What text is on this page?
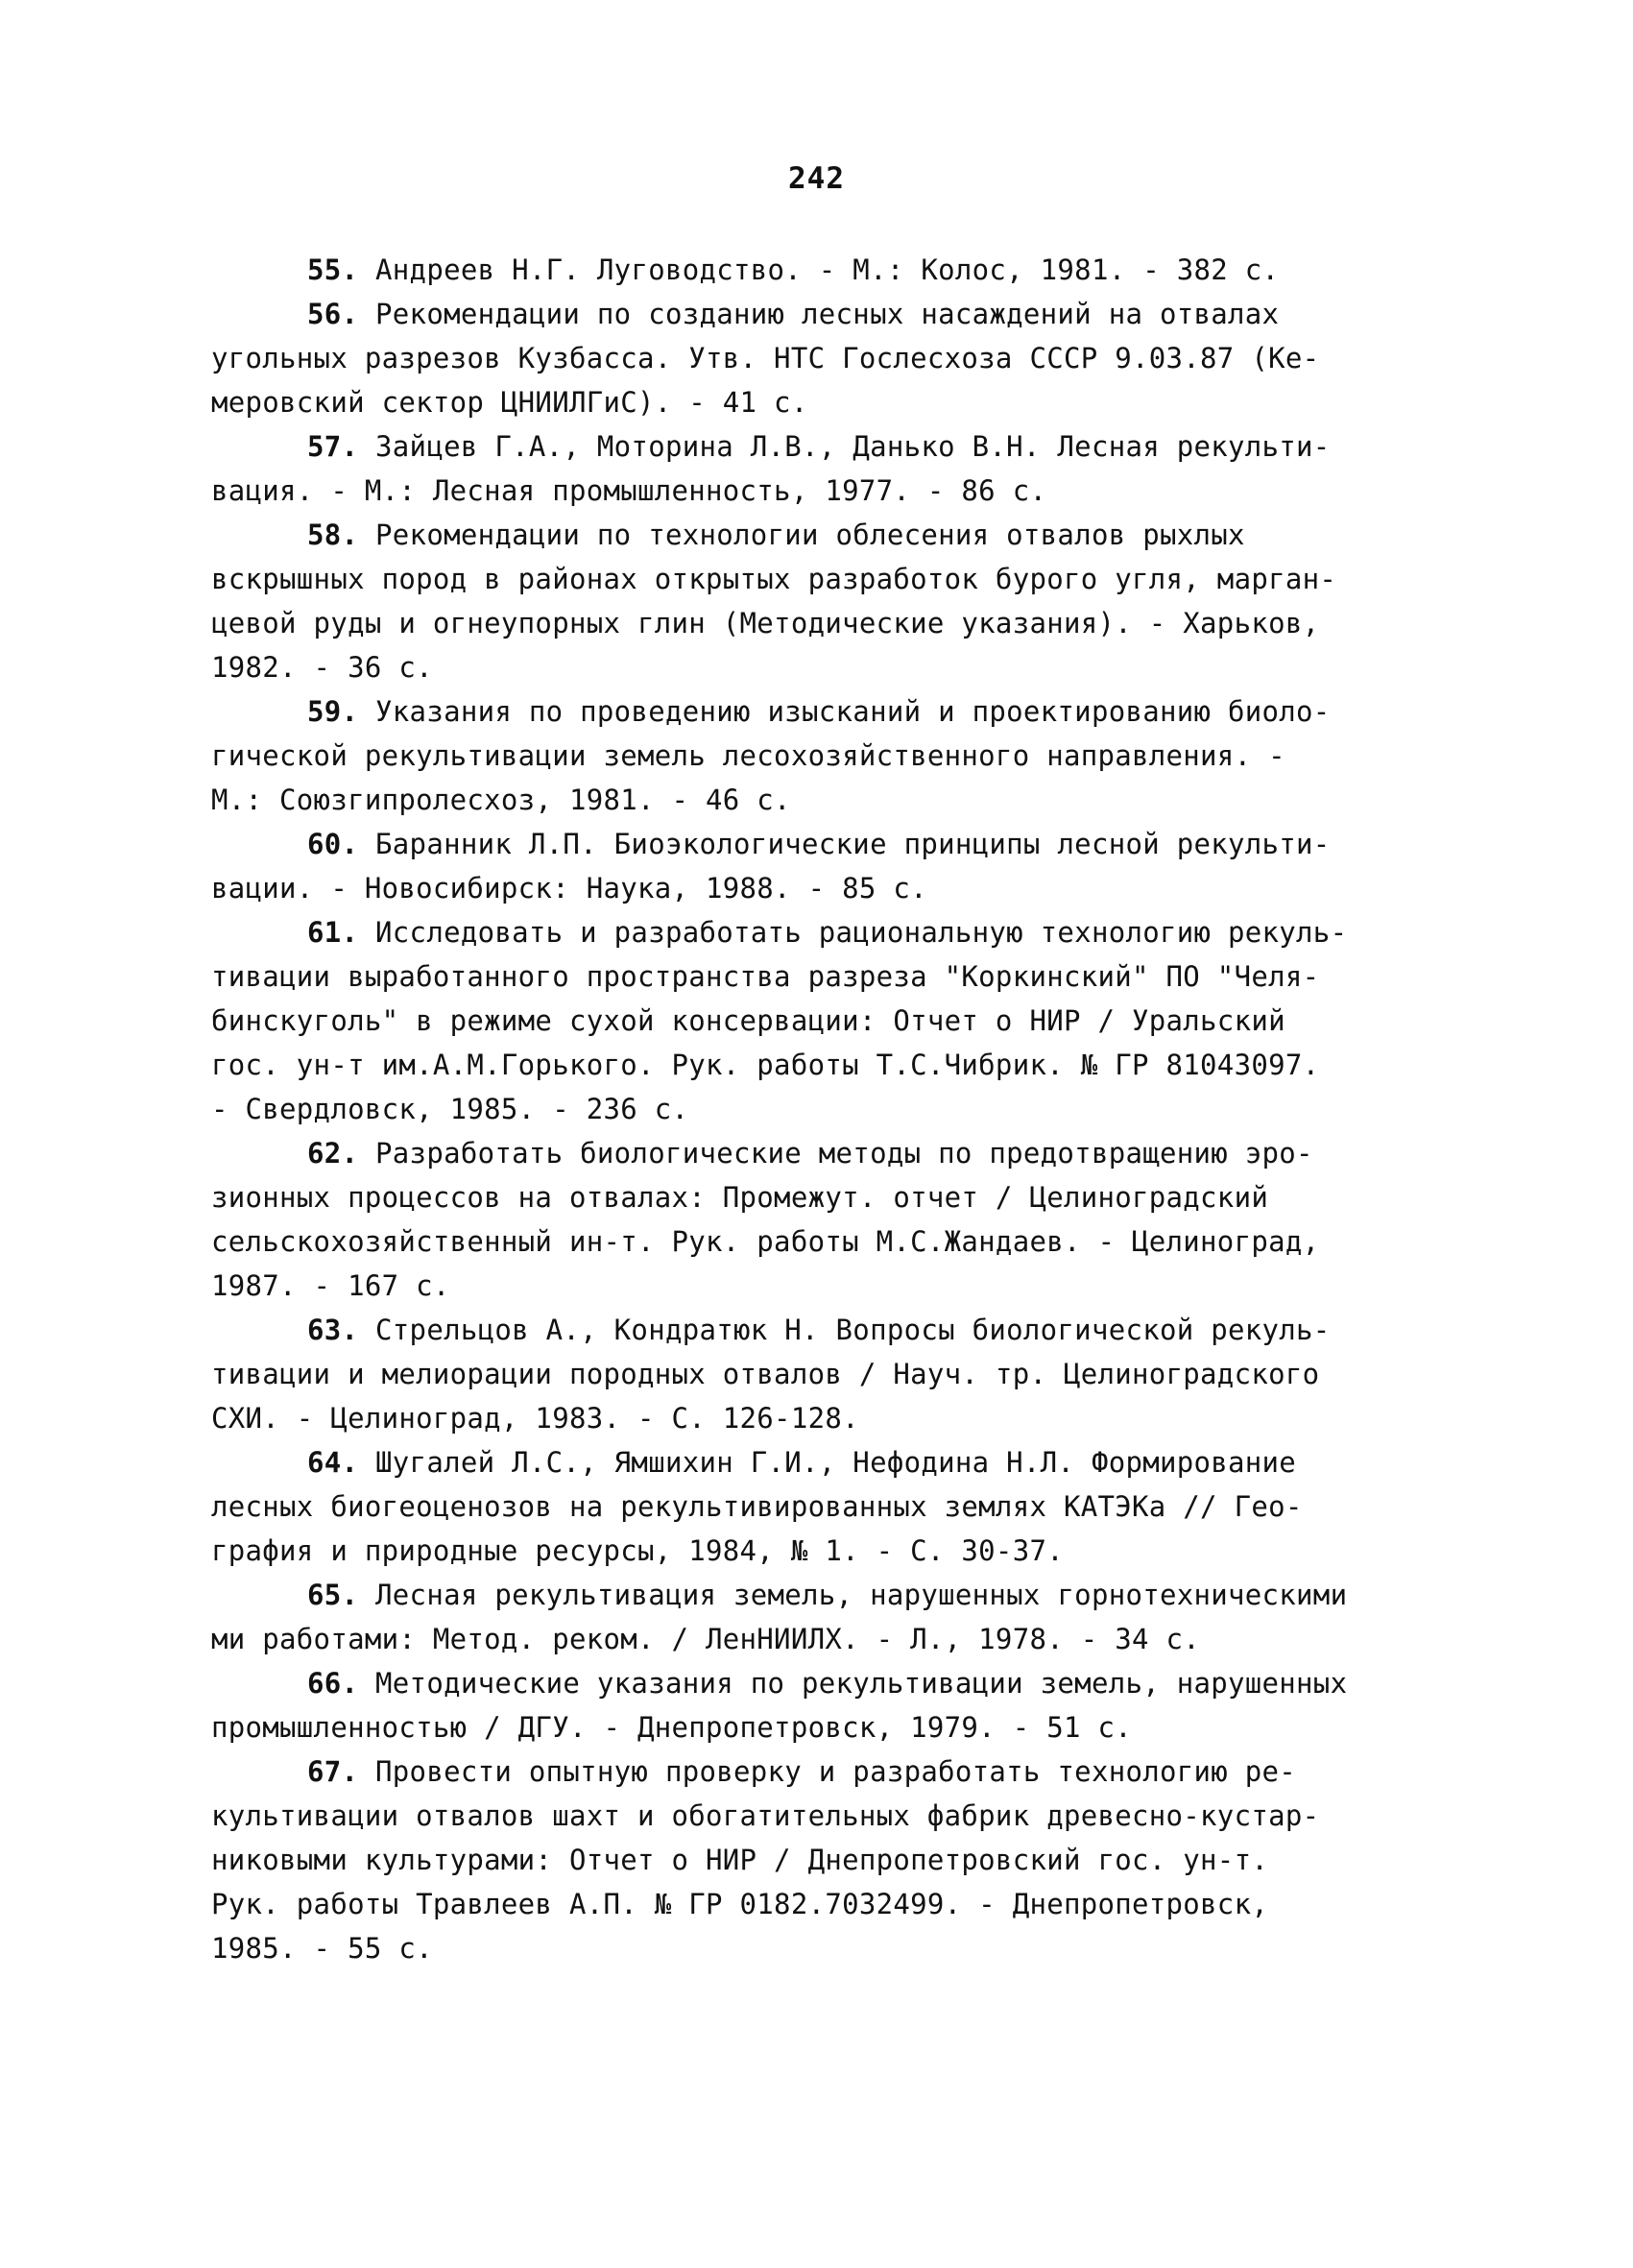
242
55. Андреев Н.Г. Луговодство. - М.: Колос, 1981. - 382 с.
56. Рекомендации по созданию лесных насаждений на отвалах
угольных разрезов Кузбасса. Утв. НТС Гослесхоза СССР 9.03.87 (Ке-
меровский сектор ЦНИИЛГиС). - 41 с.
57. Зайцев Г.А., Моторина Л.В., Данько В.Н. Лесная рекульти-
вация. - М.: Лесная промышленность, 1977. - 86 с.
58. Рекомендации по технологии облесения отвалов рыхлых
вскрышных пород в районах открытых разработок бурого угля, марган-
цевой руды и огнеупорных глин (Методические указания). - Харьков,
1982. - 36 с.
59. Указания по проведению изысканий и проектированию биоло-
гической рекультивации земель лесохозяйственного направления. -
М.: Союзгипролесхоз, 1981. - 46 с.
60. Баранник Л.П. Биоэкологические принципы лесной рекульти-
вации. - Новосибирск: Наука, 1988. - 85 с.
61. Исследовать и разработать рациональную технологию рекуль-
тивации выработанного пространства разреза "Коркинский" ПО "Челя-
бинскуголь" в режиме сухой консервации: Отчет о НИР / Уральский
гос. ун-т им.А.М.Горького. Рук. работы Т.С.Чибрик. № ГР 81043097.
- Свердловск, 1985. - 236 с.
62. Разработать биологические методы по предотвращению эро-
зионных процессов на отвалах: Промежут. отчет / Целиноградский
сельскохозяйственный ин-т. Рук. работы М.С.Жандаев. - Целиноград,
1987. - 167 с.
63. Стрельцов А., Кондратюк Н. Вопросы биологической рекуль-
тивации и мелиорации породных отвалов / Науч. тр. Целиноградского
СХИ. - Целиноград, 1983. - С. 126-128.
64. Шугалей Л.С., Ямшихин Г.И., Нефодина Н.Л. Формирование
лесных биогеоценозов на рекультивированных землях КАТЭКа // Гео-
графия и природные ресурсы, 1984, № 1. - С. 30-37.
65. Лесная рекультивация земель, нарушенных горнотехническими
ми работами: Метод. реком. / ЛенНИИЛХ. - Л., 1978. - 34 с.
66. Методические указания по рекультивации земель, нарушенных
промышленностью / ДГУ. - Днепропетровск, 1979. - 51 с.
67. Провести опытную проверку и разработать технологию ре-
культивации отвалов шахт и обогатительных фабрик древесно-кустар-
никовыми культурами: Отчет о НИР / Днепропетровский гос. ун-т.
Рук. работы Травлеев А.П. № ГР 0182.7032499. - Днепропетровск,
1985. - 55 с.
